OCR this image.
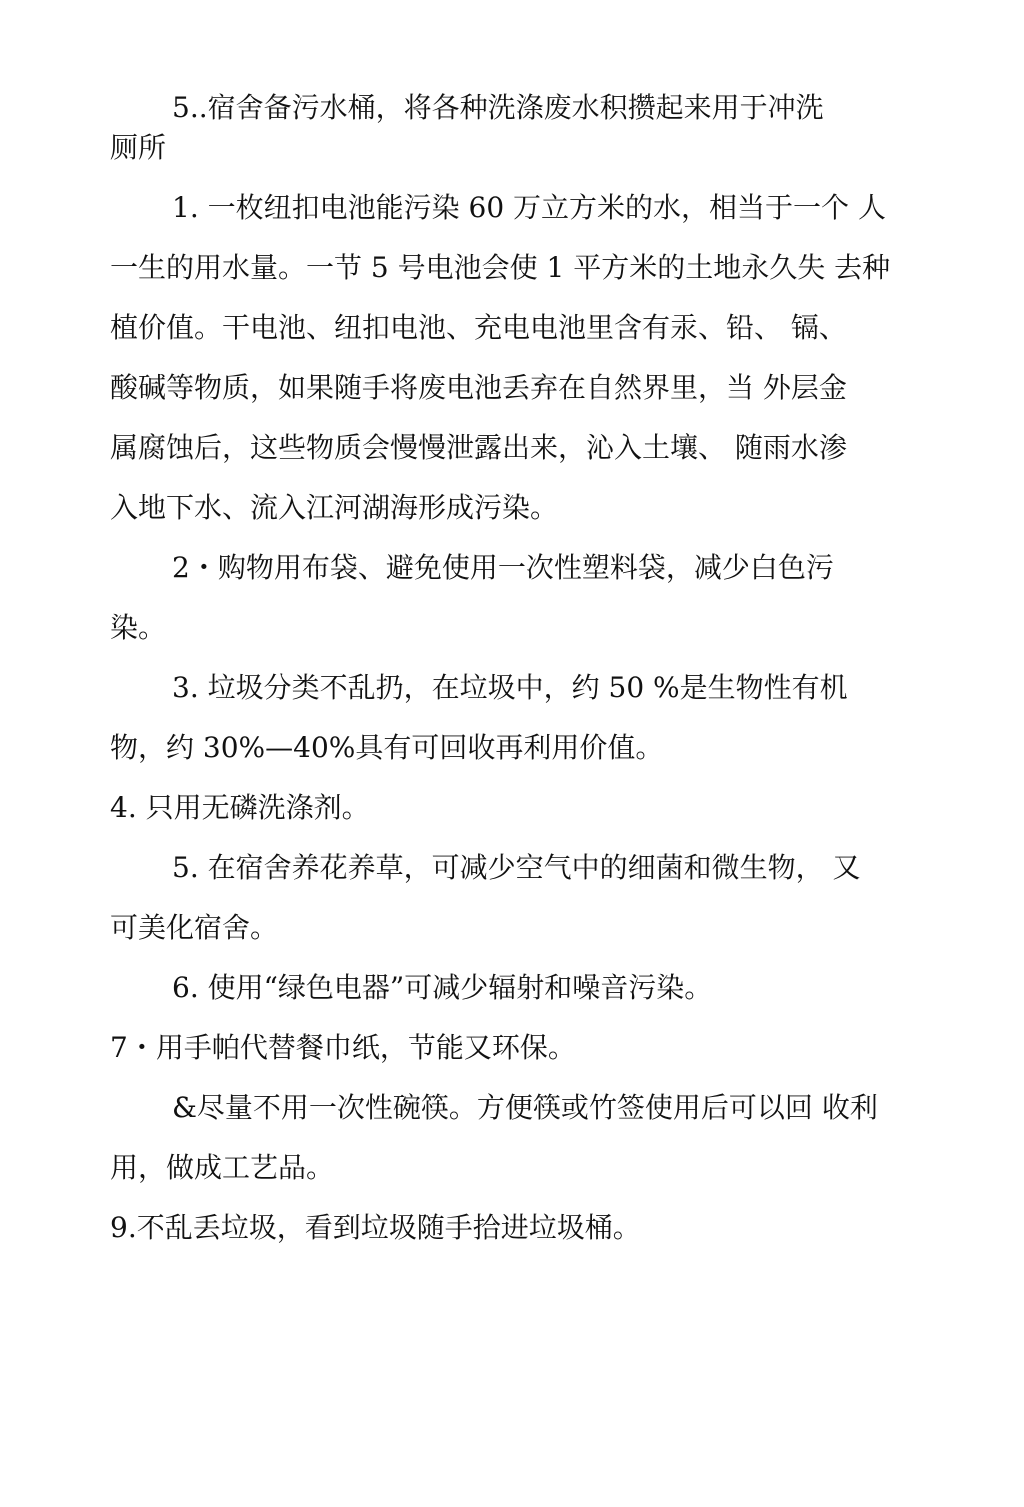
5..宿舍备污水桶，将各种洗涤废水积攒起来用于冲洗
厕所
1. 一枚纽扣电池能污染 60 万立方米的水，相当于一个 人
一生的用水量。一节 5 号电池会使 1 平方米的土地永久失 去种
植价值。干电池、纽扣电池、充电电池里含有汞、铅、 镉、
酸碱等物质，如果随手将废电池丢弃在自然界里，当 外层金
属腐蚀后，这些物质会慢慢泄露出来，沁入土壤、 随雨水渗
入地下水、流入江河湖海形成污染。
2・购物用布袋、避免使用一次性塑料袋，减少白色污
染。
3. 垃圾分类不乱扔，在垃圾中，约 50 %是生物性有机
物，约 30%—40%具有可回收再利用价值。
4. 只用无磷洗涤剂。
5. 在宿舍养花养草，可减少空气中的细菌和微生物， 又
可美化宿舍。
6. 使用“绿色电器”可减少辐射和噪音污染。
7・用手帕代替餐巾纸，节能又环保。
&尽量不用一次性碗筷。方便筷或竹签使用后可以回 收利
用，做成工艺品。
9.不乱丢垃圾，看到垃圾随手拾进垃圾桶。
